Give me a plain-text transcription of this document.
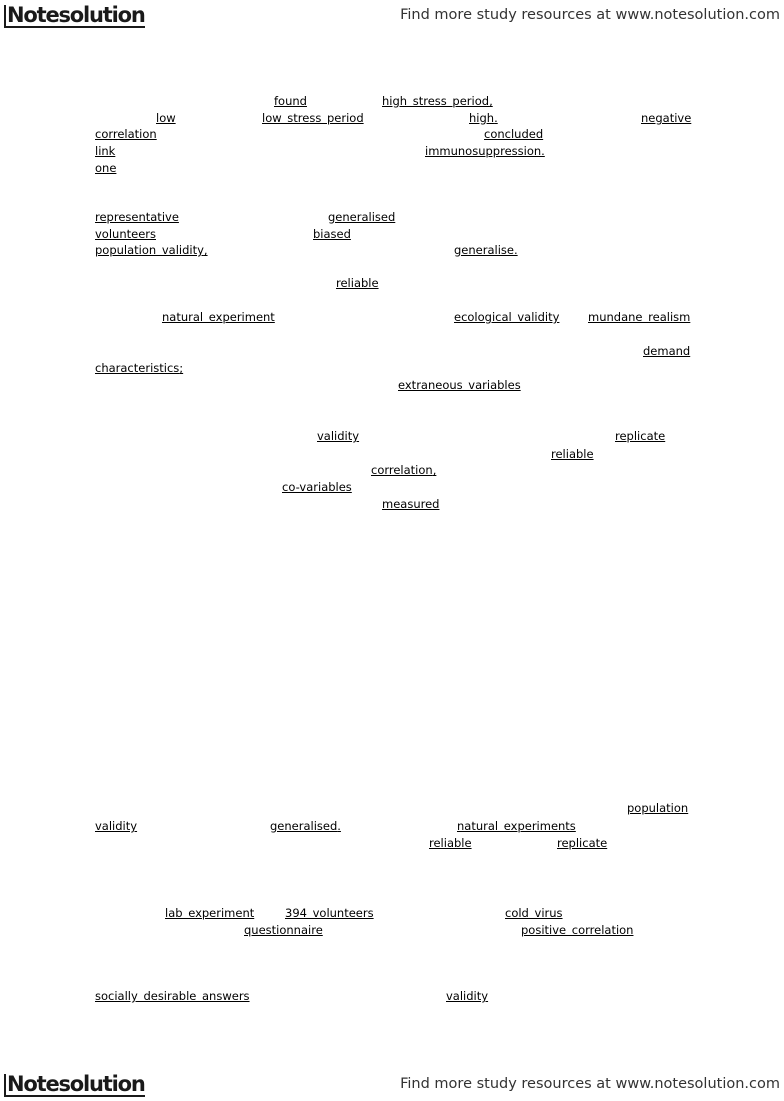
Notesolution	Find more study resources at www.notesolution.com
found	high stress period,
low	low stress period	high.	negative
correlation	concluded
link	immunosuppression.
one
representative	generalised
volunteers	biased
population validity,	generalise.
reliable
natural experiment	ecological validity mundane realism
demand
characteristics;
extraneous variables
validity	replicate
reliable
correlation,
co-variables
measured
population
validity	generalised.	natural experiments
reliable	replicate
lab experiment	394 volunteers	cold virus
questionnaire	positive correlation
socially desirable answers	validity
Notesolution	Find more study resources at www.notesolution.com
